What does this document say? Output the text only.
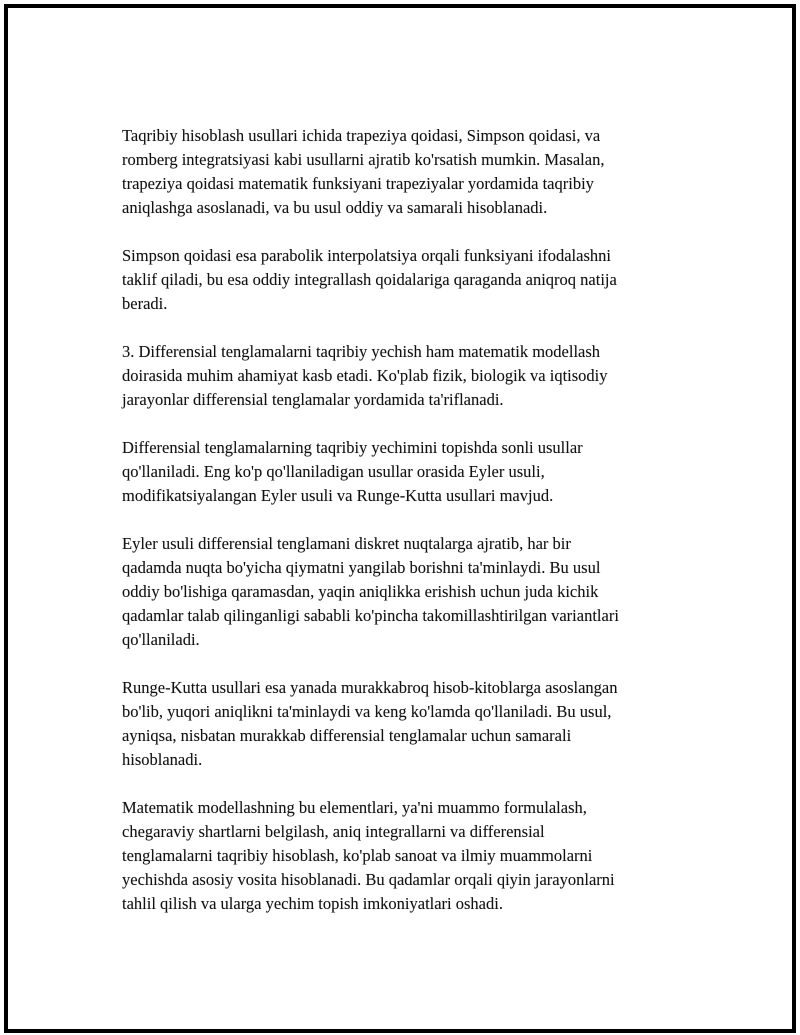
Taqribiy hisoblash usullari ichida trapeziya qoidasi, Simpson qoidasi, va
romberg integratsiyasi kabi usullarni ajratib ko'rsatish mumkin. Masalan,
trapeziya qoidasi matematik funksiyani trapeziyalar yordamida taqribiy
aniqlashga asoslanadi, va bu usul oddiy va samarali hisoblanadi.

Simpson qoidasi esa parabolik interpolatsiya orqali funksiyani ifodalashni
taklif qiladi, bu esa oddiy integrallash qoidalariga qaraganda aniqroq natija
beradi.

3. Differensial tenglamalarni taqribiy yechish ham matematik modellash
doirasida muhim ahamiyat kasb etadi. Ko'plab fizik, biologik va iqtisodiy
jarayonlar differensial tenglamalar yordamida ta'riflanadi.

Differensial tenglamalarning taqribiy yechimini topishda sonli usullar
qo'llaniladi. Eng ko'p qo'llaniladigan usullar orasida Eyler usuli,
modifikatsiyalangan Eyler usuli va Runge-Kutta usullari mavjud.

Eyler usuli differensial tenglamani diskret nuqtalarga ajratib, har bir
qadamda nuqta bo'yicha qiymatni yangilab borishni ta'minlaydi. Bu usul
oddiy bo'lishiga qaramasdan, yaqin aniqlikka erishish uchun juda kichik
qadamlar talab qilinganligi sababli ko'pincha takomillashtirilgan variantlari
qo'llaniladi.

Runge-Kutta usullari esa yanada murakkabroq hisob-kitoblarga asoslangan
bo'lib, yuqori aniqlikni ta'minlaydi va keng ko'lamda qo'llaniladi. Bu usul,
ayniqsa, nisbatan murakkab differensial tenglamalar uchun samarali
hisoblanadi.

Matematik modellashning bu elementlari, ya'ni muammo formulalash,
chegaraviy shartlarni belgilash, aniq integrallarni va differensial
tenglamalarni taqribiy hisoblash, ko'plab sanoat va ilmiy muammolarni
yechishda asosiy vosita hisoblanadi. Bu qadamlar orqali qiyin jarayonlarni
tahlil qilish va ularga yechim topish imkoniyatlari oshadi.
